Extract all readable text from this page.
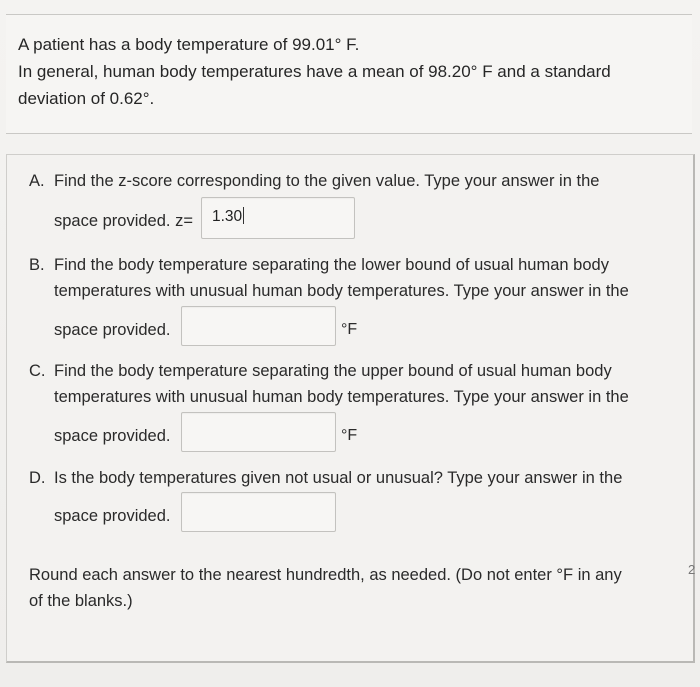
A patient has a body temperature of 99.01° F.
In general, human body temperatures have a mean of 98.20° F and a standard
deviation of 0.62°.
A. Find the z-score corresponding to the given value. Type your answer in the
space provided. z=	1.30
B. Find the body temperature separating the lower bound of usual human body
temperatures with unusual human body temperatures. Type your answer in the
space provided.	°F
C. Find the body temperature separating the upper bound of usual human body
temperatures with unusual human body temperatures. Type your answer in the
space provided.	°F
D. Is the body temperatures given not usual or unusual? Type your answer in the
space provided.
Round each answer to the nearest hundredth, as needed. (Do not enter °F in any
of the blanks.)
2
